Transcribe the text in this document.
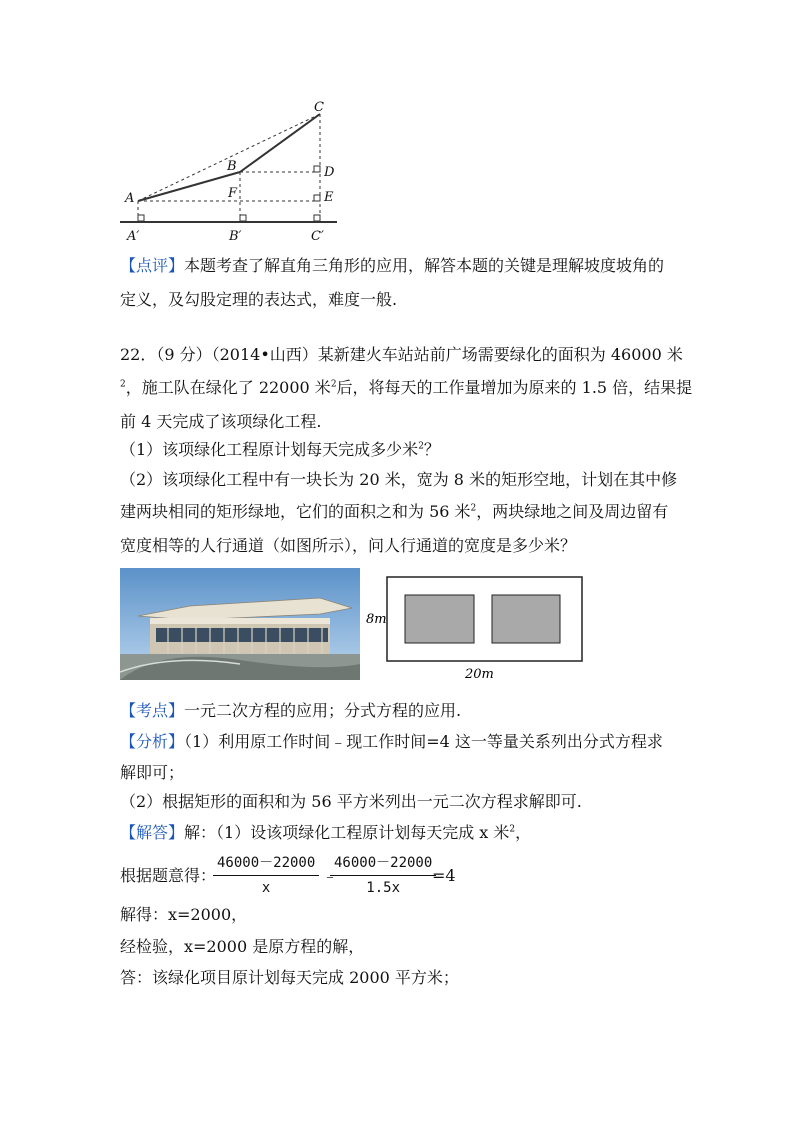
C
B	D
F	E
A
A′	B′	C′
【点评】本题考查了解直角三角形的应用，解答本题的关键是理解坡度坡角的
定义，及勾股定理的表达式，难度一般.
22．（9 分）（2014•山西）某新建火车站站前广场需要绿化的面积为 46000 米
$^2$，施工队在绿化了 22000 米$^2$后，将每天的工作量增加为原来的 1.5 倍，结果提
前 4 天完成了该项绿化工程.
（1）该项绿化工程原计划每天完成多少米$^2$？
（2）该项绿化工程中有一块长为 20 米，宽为 8 米的矩形空地，计划在其中修
建两块相同的矩形绿地，它们的面积之和为 56 米$^2$，两块绿地之间及周边留有
宽度相等的人行通道（如图所示），问人行通道的宽度是多少米？
8m
20m
【考点】一元二次方程的应用；分式方程的应用.
【分析】（1）利用原工作时间﹣现工作时间=4 这一等量关系列出分式方程求
解即可；
（2）根据矩形的面积和为 56 平方米列出一元二次方程求解即可.
【解答】解：（1）设该项绿化工程原计划每天完成 x 米$^2$，
根据题意得：
$\frac{46000-22000}{x}$ ﹣
$\frac{46000-22000}{1.5x}$
=4
解得：x=2000，
经检验，x=2000 是原方程的解，
答：该绿化项目原计划每天完成 2000 平方米；
